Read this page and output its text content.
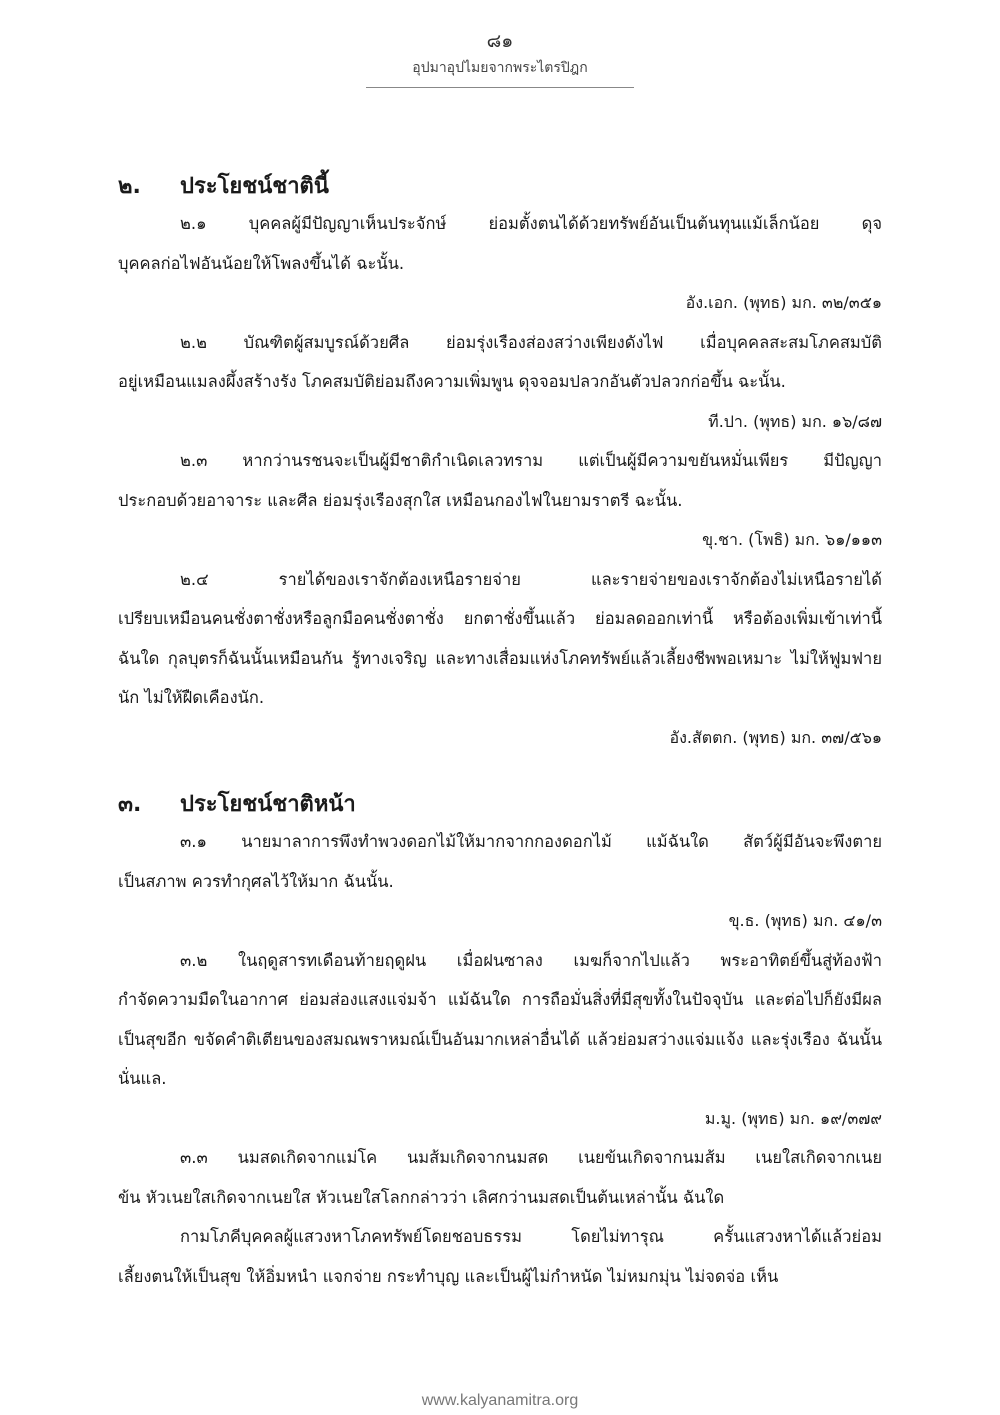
๘๑
อุปมาอุปไมยจากพระไตรปิฎก
๒. ประโยชน์ชาตินี้

๒.๑ บุคคลผู้มีปัญญาเห็นประจักษ์ ย่อมตั้งตนได้ด้วยทรัพย์อันเป็นต้นทุนแม้เล็กน้อย ดุจ
บุคคลก่อไฟอันน้อยให้โพลงขึ้นได้ ฉะนั้น.

อัง.เอก. (พุทธ) มก. ๓๒/๓๕๑

๒.๒ บัณฑิตผู้สมบูรณ์ด้วยศีล ย่อมรุ่งเรืองส่องสว่างเพียงดังไฟ เมื่อบุคคลสะสมโภคสมบัติ
อยู่เหมือนแมลงผึ้งสร้างรัง โภคสมบัติย่อมถึงความเพิ่มพูน ดุจจอมปลวกอันตัวปลวกก่อขึ้น ฉะนั้น.

ที.ปา. (พุทธ) มก. ๑๖/๘๗

๒.๓ หากว่านรชนจะเป็นผู้มีชาติกำเนิดเลวทราม แต่เป็นผู้มีความขยันหมั่นเพียร มีปัญญา
ประกอบด้วยอาจาระ และศีล ย่อมรุ่งเรืองสุกใส เหมือนกองไฟในยามราตรี ฉะนั้น.

ขุ.ชา. (โพธิ) มก. ๖๑/๑๑๓

๒.๔ รายได้ของเราจักต้องเหนือรายจ่าย และรายจ่ายของเราจักต้องไม่เหนือรายได้
เปรียบเหมือนคนชั่งตาชั่งหรือลูกมือคนชั่งตาชั่ง ยกตาชั่งขึ้นแล้ว ย่อมลดออกเท่านี้ หรือต้องเพิ่มเข้าเท่านี้ ฉันใด กุลบุตรก็ฉันนั้นเหมือนกัน รู้ทางเจริญ และทางเสื่อมแห่งโภคทรัพย์แล้วเลี้ยงชีพพอเหมาะ ไม่ให้ฟูมฟายนัก ไม่ให้ฝืดเคืองนัก.

อัง.สัตตก. (พุทธ) มก. ๓๗/๕๖๑

๓. ประโยชน์ชาติหน้า

๓.๑ นายมาลาการพึงทำพวงดอกไม้ให้มากจากกองดอกไม้ แม้ฉันใด สัตว์ผู้มีอันจะพึงตาย
เป็นสภาพ ควรทำกุศลไว้ให้มาก ฉันนั้น.

ขุ.ธ. (พุทธ) มก. ๔๑/๓

๓.๒ ในฤดูสารทเดือนท้ายฤดูฝน เมื่อฝนซาลง เมฆก็จากไปแล้ว พระอาทิตย์ขึ้นสู่ท้องฟ้า
กำจัดความมืดในอากาศ ย่อมส่องแสงแจ่มจ้า แม้ฉันใด การถือมั่นสิ่งที่มีสุขทั้งในปัจจุบัน และต่อไปก็ยังมีผลเป็นสุขอีก ขจัดคำติเตียนของสมณพราหมณ์เป็นอันมากเหล่าอื่นได้ แล้วย่อมสว่างแจ่มแจ้ง และรุ่งเรือง ฉันนั้นนั่นแล.

ม.มู. (พุทธ) มก. ๑๙/๓๗๙

๓.๓ นมสดเกิดจากแม่โค นมส้มเกิดจากนมสด เนยข้นเกิดจากนมส้ม เนยใสเกิดจากเนย
ข้น หัวเนยใสเกิดจากเนยใส หัวเนยใสโลกกล่าวว่า เลิศกว่านมสดเป็นต้นเหล่านั้น ฉันใด

กามโภคีบุคคลผู้แสวงหาโภคทรัพย์โดยชอบธรรม โดยไม่ทารุณ ครั้นแสวงหาได้แล้วย่อม
เลี้ยงตนให้เป็นสุข ให้อิ่มหนำ แจกจ่าย กระทำบุญ และเป็นผู้ไม่กำหนัด ไม่หมกมุ่น ไม่จดจ่อ เห็น

www.kalyanamitra.org
